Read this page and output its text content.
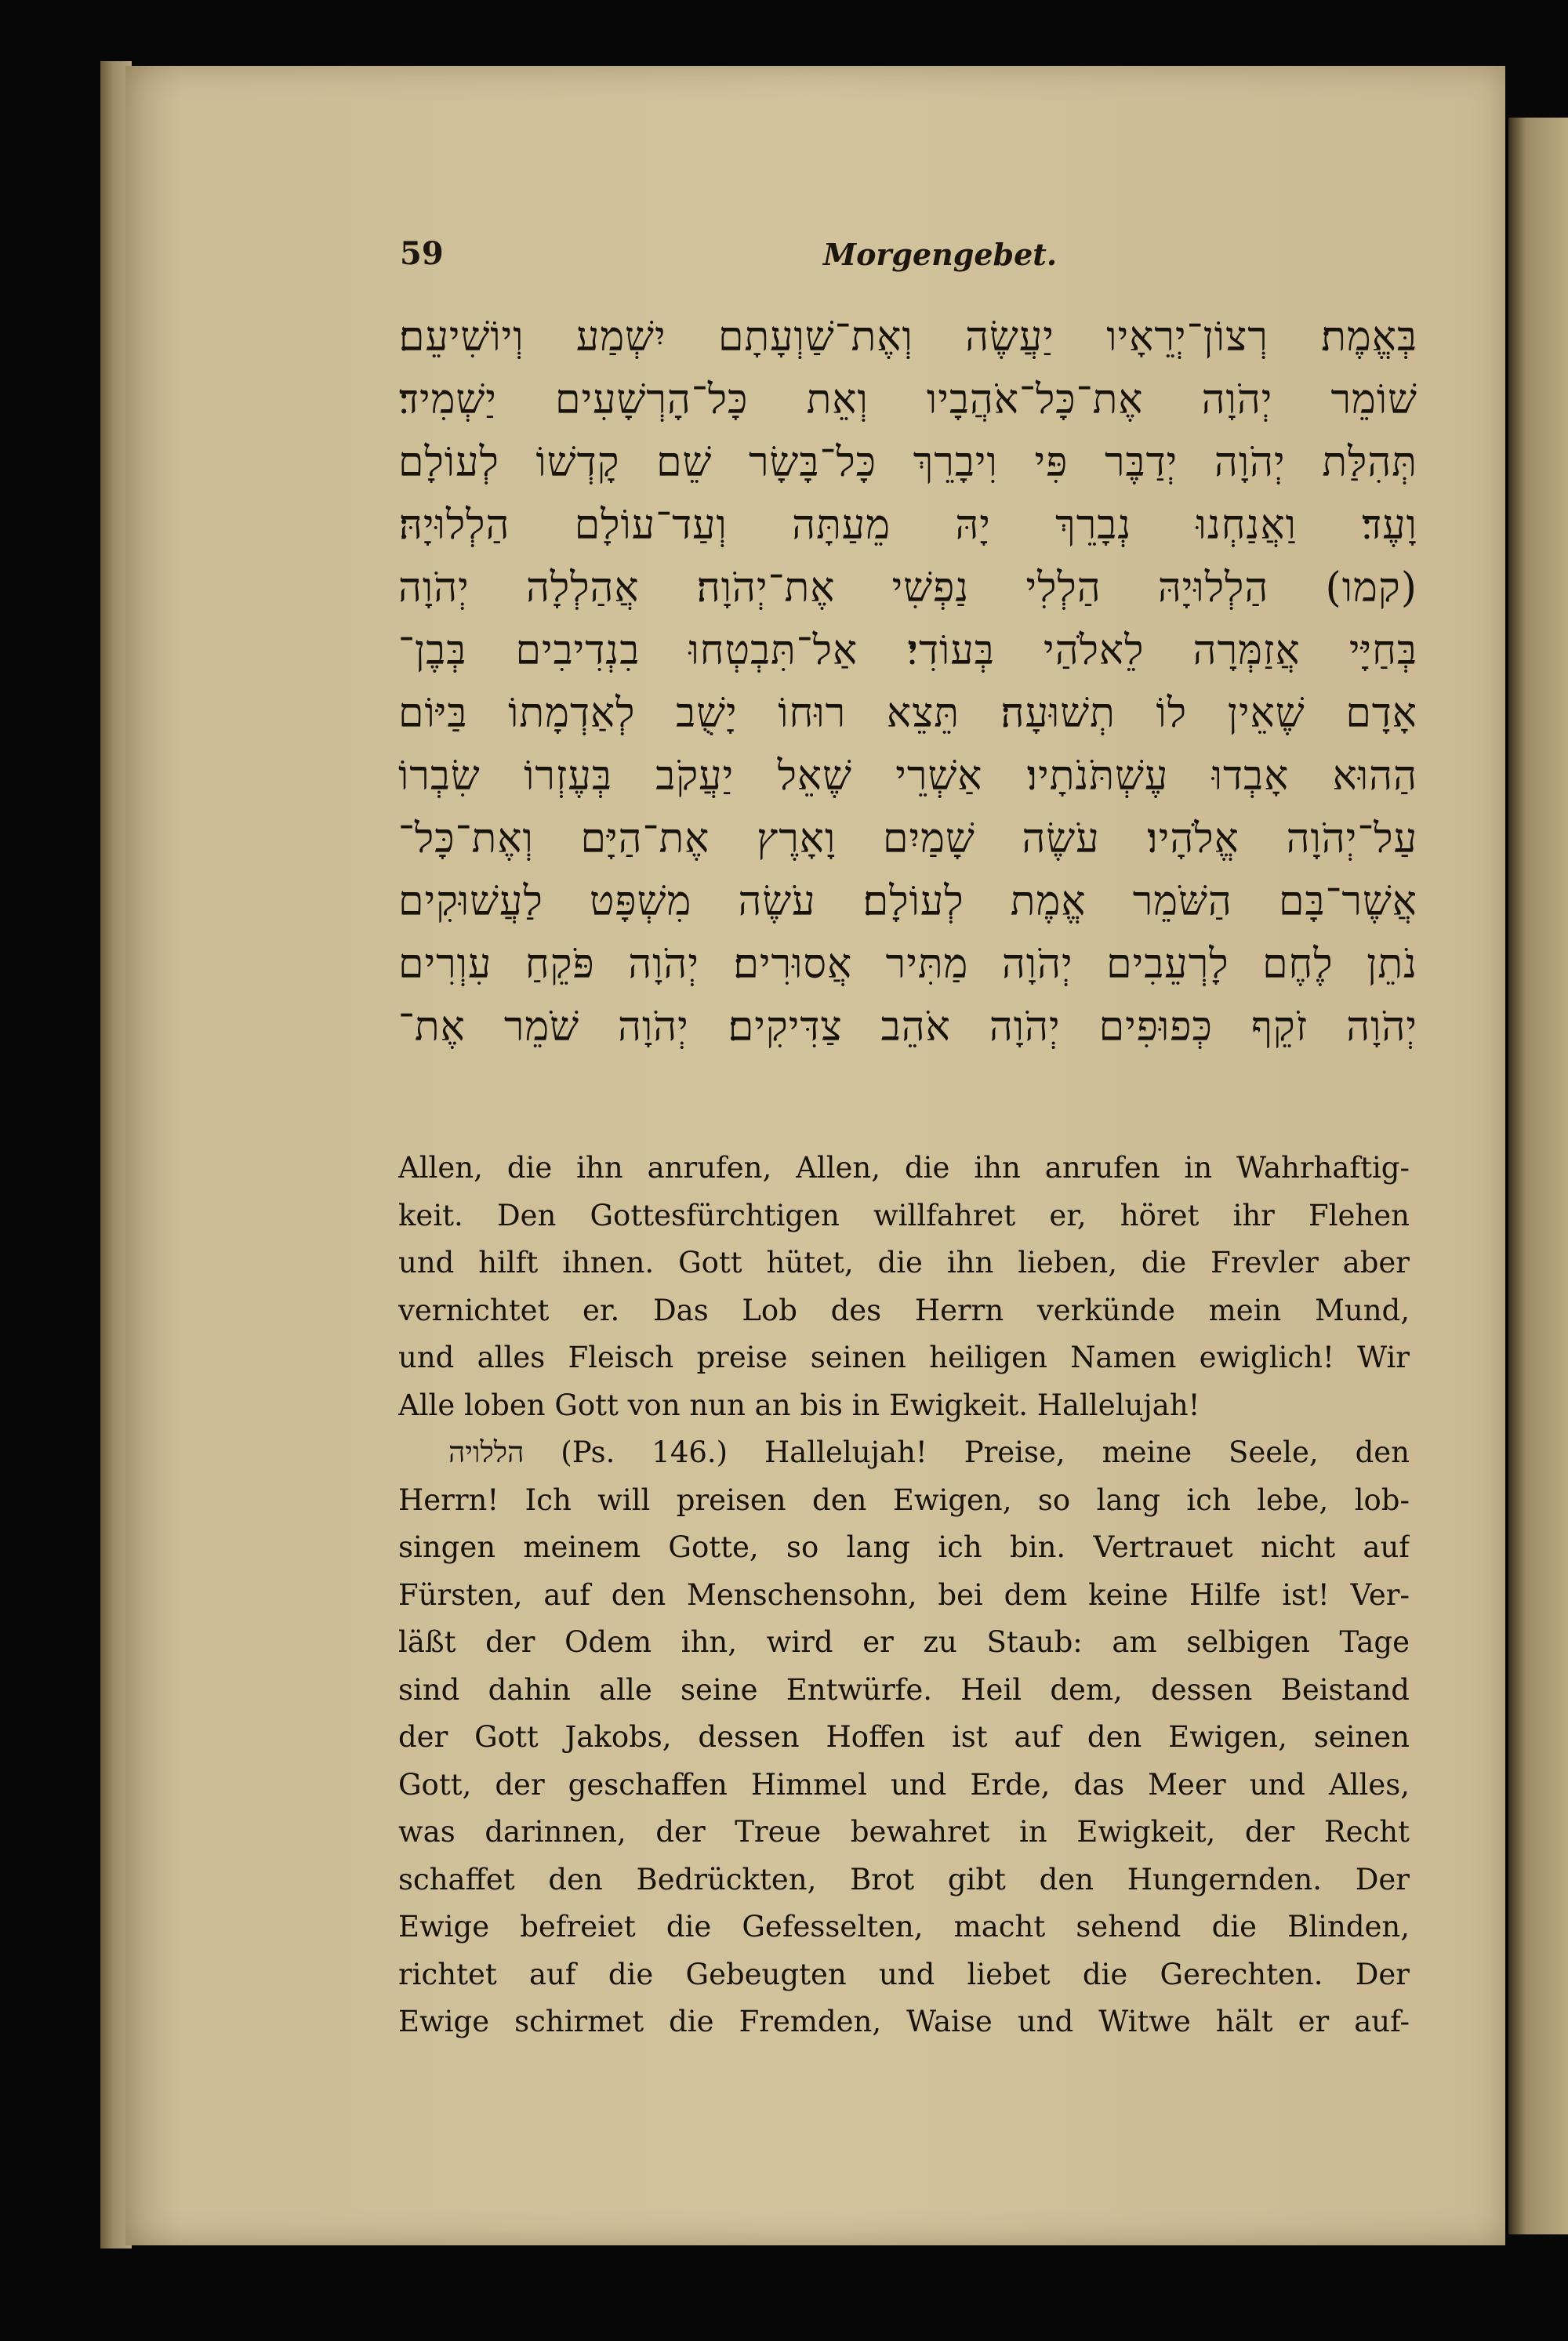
59	Morgengebet.
בְּאֱמֶת׃ רְצוֹן־יְרֵאָיו יַעֲשֶׂה וְאֶת־שַׁוְעָתָם יִשְׁמַע וְיוֹשִׁיעֵם׃
שׁוֹמֵר יְהֹוָה אֶת־כָּל־אֹהֲבָיו וְאֵת כָּל־הָרְשָׁעִים יַשְׁמִיד׃
תְּהִלַּת יְהֹוָה יְדַבֶּר פִּי וִיבָרֵךְ כָּל־בָּשָׂר שֵׁם קָדְשׁוֹ לְעוֹלָם
וָעֶד׃ וַאֲנַחְנוּ נְבָרֵךְ יָהּ מֵעַתָּה וְעַד־עוֹלָם הַלְלוּיָהּ׃
(קמו) הַלְלוּיָהּ הַלְלִי נַפְשִׁי אֶת־יְהֹוָה׃ אֲהַלְלָה יְהֹוָה
בְּחַיָּי אֲזַמְּרָה לֵאלֹהַי בְּעוֹדִי׃ אַל־תִּבְטְחוּ בִנְדִיבִים בְּבֶן־
אָדָם שֶׁאֵין לוֹ תְשׁוּעָה׃ תֵּצֵא רוּחוֹ יָשֻׁב לְאַדְמָתוֹ בַּיּוֹם
הַהוּא אָבְדוּ עֶשְׁתֹּנֹתָיו׃ אַשְׁרֵי שֶׁאֵל יַעֲקֹב בְּעֶזְרוֹ שִׂבְרוֹ
עַל־יְהֹוָה אֱלֹהָיו׃ עֹשֶׂה שָׁמַיִם וָאָרֶץ אֶת־הַיָּם וְאֶת־כָּל־
אֲשֶׁר־בָּם הַשֹּׁמֵר אֱמֶת לְעוֹלָם׃ עֹשֶׂה מִשְׁפָּט לַעֲשׁוּקִים
נֹתֵן לֶחֶם לָרְעֵבִים יְהֹוָה מַתִּיר אֲסוּרִים׃ יְהֹוָה פֹּקֵחַ עִוְרִים
יְהֹוָה זֹקֵף כְּפוּפִים יְהֹוָה אֹהֵב צַדִּיקִים׃ יְהֹוָה שֹׁמֵר אֶת־
Allen, die ihn anrufen, Allen, die ihn anrufen in Wahrhaftig-
keit. Den Gottesfürchtigen willfahret er, höret ihr Flehen
und hilft ihnen. Gott hütet, die ihn lieben, die Frevler aber
vernichtet er. Das Lob des Herrn verkünde mein Mund,
und alles Fleisch preise seinen heiligen Namen ewiglich! Wir
Alle loben Gott von nun an bis in Ewigkeit. Hallelujah!
הללויה (Ps. 146.) Hallelujah! Preise, meine Seele, den
Herrn! Ich will preisen den Ewigen, so lang ich lebe, lob-
singen meinem Gotte, so lang ich bin. Vertrauet nicht auf
Fürsten, auf den Menschensohn, bei dem keine Hilfe ist! Ver-
läßt der Odem ihn, wird er zu Staub: am selbigen Tage
sind dahin alle seine Entwürfe. Heil dem, dessen Beistand
der Gott Jakobs, dessen Hoffen ist auf den Ewigen, seinen
Gott, der geschaffen Himmel und Erde, das Meer und Alles,
was darinnen, der Treue bewahret in Ewigkeit, der Recht
schaffet den Bedrückten, Brot gibt den Hungernden. Der
Ewige befreiet die Gefesselten, macht sehend die Blinden,
richtet auf die Gebeugten und liebet die Gerechten. Der
Ewige schirmet die Fremden, Waise und Witwe hält er auf-
